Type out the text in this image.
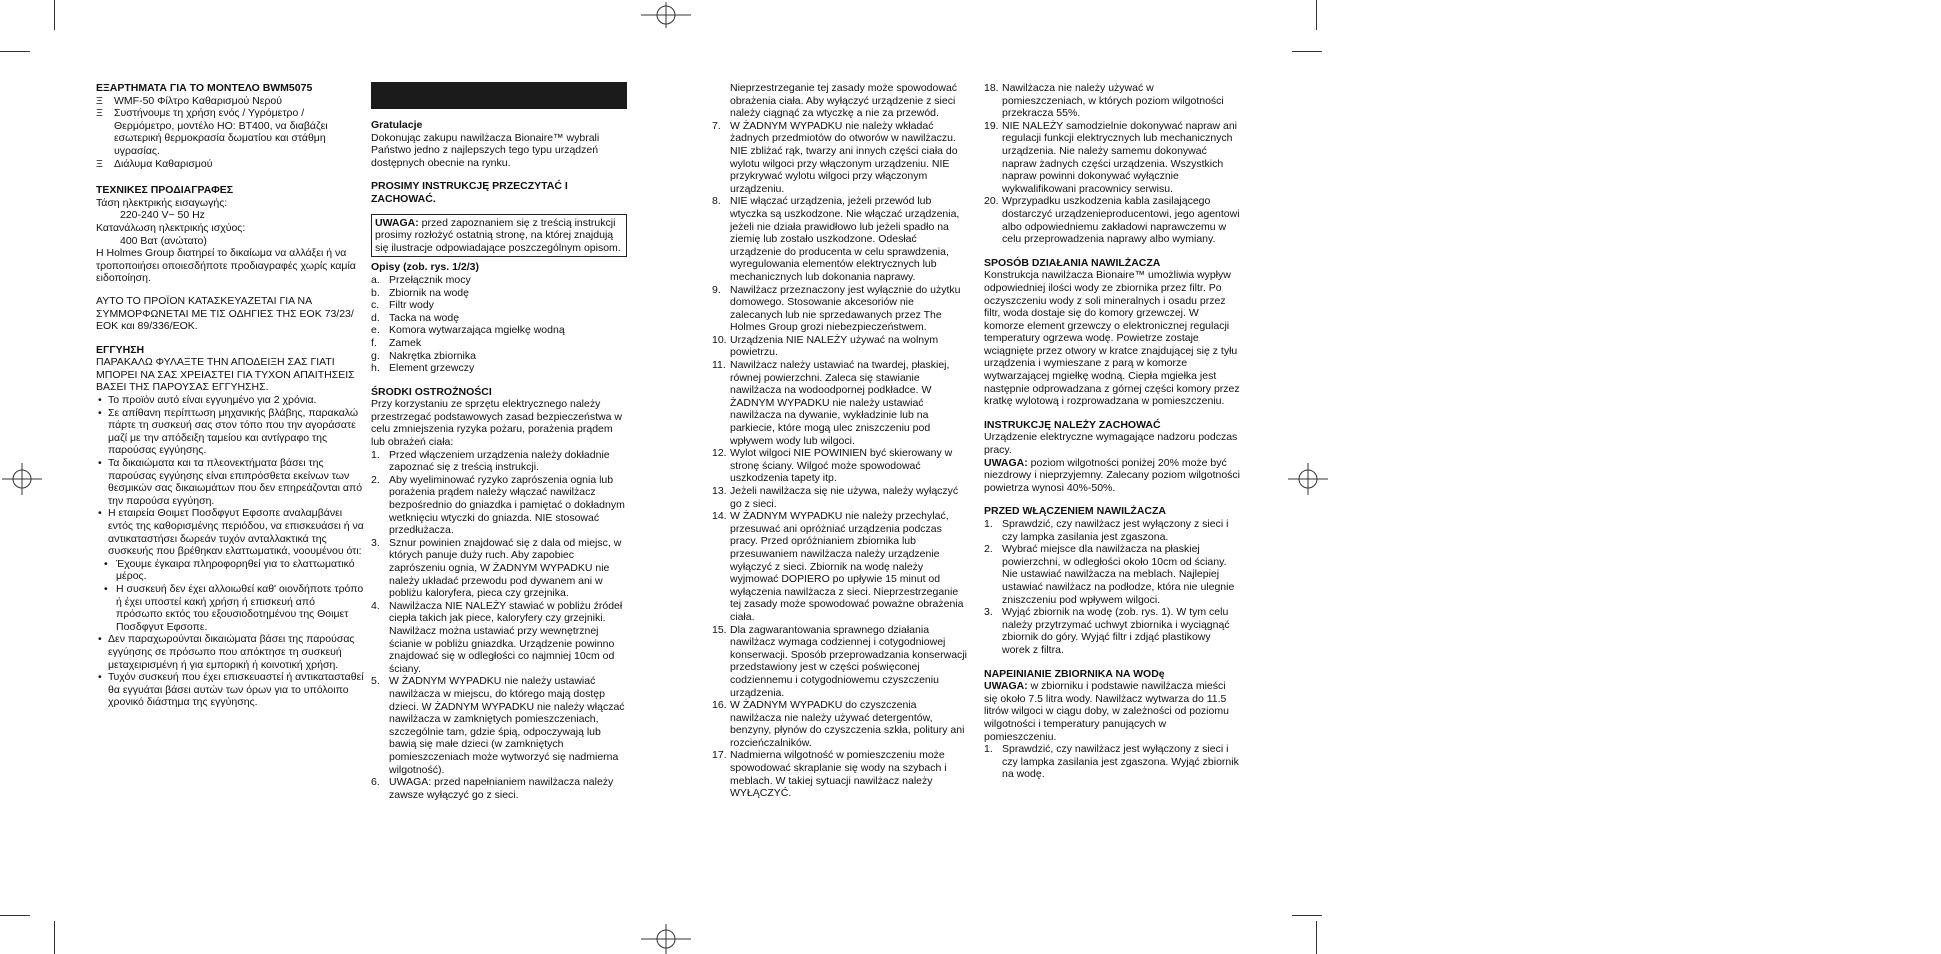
ΕΞΑΡΤΗΜΑΤΑ ΓΙΑ ΤΟ ΜΟΝΤΕΛΟ BWM5075

Ξ WMF-50 Φίλτρο Καθαρισμού Νερού
Ξ Συστήνουμε τη χρήση ενός / Υγρόμετρο / Θερμόμετρο, μοντέλο HO: BT400, να διαβάζει εσωτερική θερμοκρασία δωματίου και στάθμη υγρασίας.
Ξ Διάλυμα Καθαρισμού

ΤΕΧΝΙΚΕΣ ΠΡΟΔΙΑΓΡΑΦΕΣ

Τάση ηλεκτρικής εισαγωγής:

220-240 V~ 50 Hz

Κατανάλωση ηλεκτρικής ισχύος:

400 Βατ (ανώτατο)

Η Holmes Group διατηρεί το δικαίωμα να αλλάξει ή να τροποποιήσει οποιεσδήποτε προδιαγραφές χωρίς καμία ειδοποίηση.

ΑΥΤΟ ΤΟ ΠΡΟΪΟΝ ΚΑΤΑΣΚΕΥΑΖΕΤΑΙ ΓΙΑ ΝΑ ΣΥΜΜΟΡΦΩΝΕΤΑΙ ΜΕ ΤΙΣ ΟΔΗΓΙΕΣ ΤΗΣ ΕΟΚ 73/23/ΕΟΚ και 89/336/ΕΟΚ.

ΕΓΓΥΗΣΗ

ΠΑΡΑΚΑΛΩ ΦΥΛΑΞΤΕ ΤΗΝ ΑΠΟΔΕΙΞΗ ΣΑΣ ΓΙΑΤΙ ΜΠΟΡΕΙ ΝΑ ΣΑΣ ΧΡΕΙΑΣΤΕΙ ΓΙΑ ΤΥΧΟΝ ΑΠΑΙΤΗΣΕΙΣ ΒΑΣΕΙ ΤΗΣ ΠΑΡΟΥΣΑΣ ΕΓΓΥΗΣΗΣ.

• Το προϊόν αυτό είναι εγγυημένο για 2 χρόνια.
• Σε απίθανη περίπτωση μηχανικής βλάβης, παρακαλώ πάρτε τη συσκευή σας στον τόπο που την αγοράσατε μαζί με την απόδειξη ταμείου και αντίγραφο της παρούσας εγγύησης.
• Τα δικαιώματα και τα πλεονεκτήματα βάσει της παρούσας εγγύησης είναι επιπρόσθετα εκείνων των θεσμικών σας δικαιωμάτων που δεν επηρεάζονται από την παρούσα εγγύηση.
• Η εταιρεία Θοιμετ Ποσδφγυτ Εφσοπε αναλαμβάνει εντός της καθορισμένης περιόδου, να επισκευάσει ή να αντικαταστήσει δωρεάν τυχόν ανταλλακτικά της συσκευής που βρέθηκαν ελαττωματικά, νοουμένου ότι:
• Έχουμε έγκαιρα πληροφορηθεί για το ελαττωματικό μέρος.
• Η συσκευή δεν έχει αλλοιωθεί καθ' οιονδήποτε τρόπο ή έχει υποστεί κακή χρήση ή επισκευή από πρόσωπο εκτός του εξουσιοδοτημένου της Θοιμετ Ποσδφγυτ Εφσοπε.
• Δεν παραχωρούνται δικαιώματα βάσει της παρούσας εγγύησης σε πρόσωπο που απόκτησε τη συσκευή μεταχειρισμένη ή για εμπορική ή κοινοτική χρήση.
• Τυχόν συσκευή που έχει επισκευαστεί ή αντικατασταθεί θα εγγυάται βάσει αυτών των όρων για το υπόλοιπο χρονικό διάστημα της εγγύησης.

Gratulacje

Dokonując zakupu nawilżacza Bionaire™ wybrali Państwo jedno z najlepszych tego typu urządzeń dostępnych obecnie na rynku.

PROSIMY INSTRUKCJĘ PRZECZYTAĆ I ZACHOWAĆ.

UWAGA: przed zapoznaniem się z treścią instrukcji prosimy rozłożyć ostatnią stronę, na której znajdują się ilustracje odpowiadające poszczególnym opisom.

Opisy (zob. rys. 1/2/3)

a. Przełącznik mocy
b. Zbiornik na wodę
c. Filtr wody
d. Tacka na wodę
e. Komora wytwarzająca mgiełkę wodną
f. Zamek
g. Nakrętka zbiornika
h. Element grzewczy

ŚRODKI OSTROŻNOŚCI

Przy korzystaniu ze sprzętu elektrycznego należy przestrzegać podstawowych zasad bezpieczeństwa w celu zmniejszenia ryzyka pożaru, porażenia prądem lub obrażeń ciała:

1. Przed włączeniem urządzenia należy dokładnie zapoznać się z treścią instrukcji.
2. Aby wyeliminować ryzyko zaprószenia ognia lub porażenia prądem należy włączać nawilżacz bezpośrednio do gniazdka i pamiętać o dokładnym wetknięciu wtyczki do gniazda. NIE stosować przedłużacza.
3. Sznur powinien znajdować się z dala od miejsc, w których panuje duży ruch. Aby zapobiec zaprószeniu ognia, W ŻADNYM WYPADKU nie należy układać przewodu pod dywanem ani w pobliżu kaloryfera, pieca czy grzejnika.
4. Nawilżacza NIE NALEŻY stawiać w pobliżu źródeł ciepła takich jak piece, kaloryfery czy grzejniki. Nawilżacz można ustawiać przy wewnętrznej ścianie w pobliżu gniazdka. Urządzenie powinno znajdować się w odległości co najmniej 10cm od ściany.
5. W ŻADNYM WYPADKU nie należy ustawiać nawilżacza w miejscu, do którego mają dostęp dzieci. W ŻADNYM WYPADKU nie należy włączać nawilżacza w zamkniętych pomieszczeniach, szczególnie tam, gdzie śpią, odpoczywają lub bawią się małe dzieci (w zamkniętych pomieszczeniach może wytworzyć się nadmierna wilgotność).
6. UWAGA: przed napełnianiem nawilżacza należy zawsze wyłączyć go z sieci.

Nieprzestrzeganie tej zasady może spowodować obrażenia ciała. Aby wyłączyć urządzenie z sieci należy ciągnąć za wtyczkę a nie za przewód.

7. W ŻADNYM WYPADKU nie należy wkładać żadnych przedmiotów do otworów w nawilżaczu. NIE zbliżać rąk, twarzy ani innych części ciała do wylotu wilgoci przy włączonym urządzeniu. NIE przykrywać wylotu wilgoci przy włączonym urządzeniu.
8. NIE włączać urządzenia, jeżeli przewód lub wtyczka są uszkodzone. Nie włączać urządzenia, jeżeli nie działa prawidłowo lub jeżeli spadło na ziemię lub zostało uszkodzone. Odesłać urządzenie do producenta w celu sprawdzenia, wyregulowania elementów elektrycznych lub mechanicznych lub dokonania naprawy.
9. Nawilżacz przeznaczony jest wyłącznie do użytku domowego. Stosowanie akcesoriów nie zalecanych lub nie sprzedawanych przez The Holmes Group grozi niebezpieczeństwem.
10. Urządzenia NIE NALEŻY używać na wolnym powietrzu.
11. Nawilżacz należy ustawiać na twardej, płaskiej, równej powierzchni. Zaleca się stawianie nawilżacza na wodoodpornej podkładce. W ŻADNYM WYPADKU nie należy ustawiać nawilżacza na dywanie, wykładzinie lub na parkiecie, które mogą ulec zniszczeniu pod wpływem wody lub wilgoci.
12. Wylot wilgoci NIE POWINIEN być skierowany w stronę ściany. Wilgoć może spowodować uszkodzenia tapety itp.
13. Jeżeli nawilżacza się nie używa, należy wyłączyć go z sieci.
14. W ŻADNYM WYPADKU nie należy przechylać, przesuwać ani opróżniać urządzenia podczas pracy. Przed opróżnianiem zbiornika lub przesuwaniem nawilżacza należy urządzenie wyłączyć z sieci. Zbiornik na wodę należy wyjmować DOPIERO po upływie 15 minut od wyłączenia nawilżacza z sieci. Nieprzestrzeganie tej zasady może spowodować poważne obrażenia ciała.
15. Dla zagwarantowania sprawnego działania nawilżacz wymaga codziennej i cotygodniowej konserwacji. Sposób przeprowadzania konserwacji przedstawiony jest w części poświęconej codziennemu i cotygodniowemu czyszczeniu urządzenia.
16. W ŻADNYM WYPADKU do czyszczenia nawilżacza nie należy używać detergentów, benzyny, płynów do czyszczenia szkła, politury ani rozcieńczalników.
17. Nadmierna wilgotność w pomieszczeniu może spowodować skraplanie się wody na szybach i meblach. W takiej sytuacji nawilżacz należy WYŁĄCZYĆ.
18. Nawilżacza nie należy używać w pomieszczeniach, w których poziom wilgotności przekracza 55%.
19. NIE NALEŻY samodzielnie dokonywać napraw ani regulacji funkcji elektrycznych lub mechanicznych urządzenia. Nie należy samemu dokonywać napraw żadnych części urządzenia. Wszystkich napraw powinni dokonywać wyłącznie wykwalifikowani pracownicy serwisu.
20. Wprzypadku uszkodzenia kabla zasilającego dostarczyć urządzenieproducentowi, jego agentowi albo odpowiedniemu zakładowi naprawczemu w celu przeprowadzenia naprawy albo wymiany.

SPOSÓB DZIAŁANIA NAWILŻACZA

Konstrukcja nawilżacza Bionaire™ umożliwia wypływ odpowiedniej ilości wody ze zbiornika przez filtr. Po oczyszczeniu wody z soli mineralnych i osadu przez filtr, woda dostaje się do komory grzewczej. W komorze element grzewczy o elektronicznej regulacji temperatury ogrzewa wodę. Powietrze zostaje wciągnięte przez otwory w kratce znajdującej się z tyłu urządzenia i wymieszane z parą w komorze wytwarzającej mgiełkę wodną. Ciepła mgiełka jest następnie odprowadzana z górnej części komory przez kratkę wylotową i rozprowadzana w pomieszczeniu.

INSTRUKCJĘ NALEŻY ZACHOWAĆ

Urządzenie elektryczne wymagające nadzoru podczas pracy.

UWAGA: poziom wilgotności poniżej 20% może być niezdrowy i nieprzyjemny. Zalecany poziom wilgotności powietrza wynosi 40%-50%.

PRZED WŁĄCZENIEM NAWILŻACZA

1. Sprawdzić, czy nawilżacz jest wyłączony z sieci i czy lampka zasilania jest zgaszona.
2. Wybrać miejsce dla nawilżacza na płaskiej powierzchni, w odległości około 10cm od ściany. Nie ustawiać nawilżacza na meblach. Najlepiej ustawiać nawilżacz na podłodze, która nie ulegnie zniszczeniu pod wpływem wilgoci.
3. Wyjąć zbiornik na wodę (zob. rys. 1). W tym celu należy przytrzymać uchwyt zbiornika i wyciągnąć zbiornik do góry. Wyjąć filtr i zdjąć plastikowy worek z filtra.

NAPEINIANIE ZBIORNIKA NA WODę

UWAGA: w zbiorniku i podstawie nawilżacza mieści się około 7.5 litra wody. Nawilżacz wytwarza do 11.5 litrów wilgoci w ciągu doby, w zależności od poziomu wilgotności i temperatury panujących w pomieszczeniu.

1. Sprawdzić, czy nawilżacz jest wyłączony z sieci i czy lampka zasilania jest zgaszona. Wyjąć zbiornik na wodę.
